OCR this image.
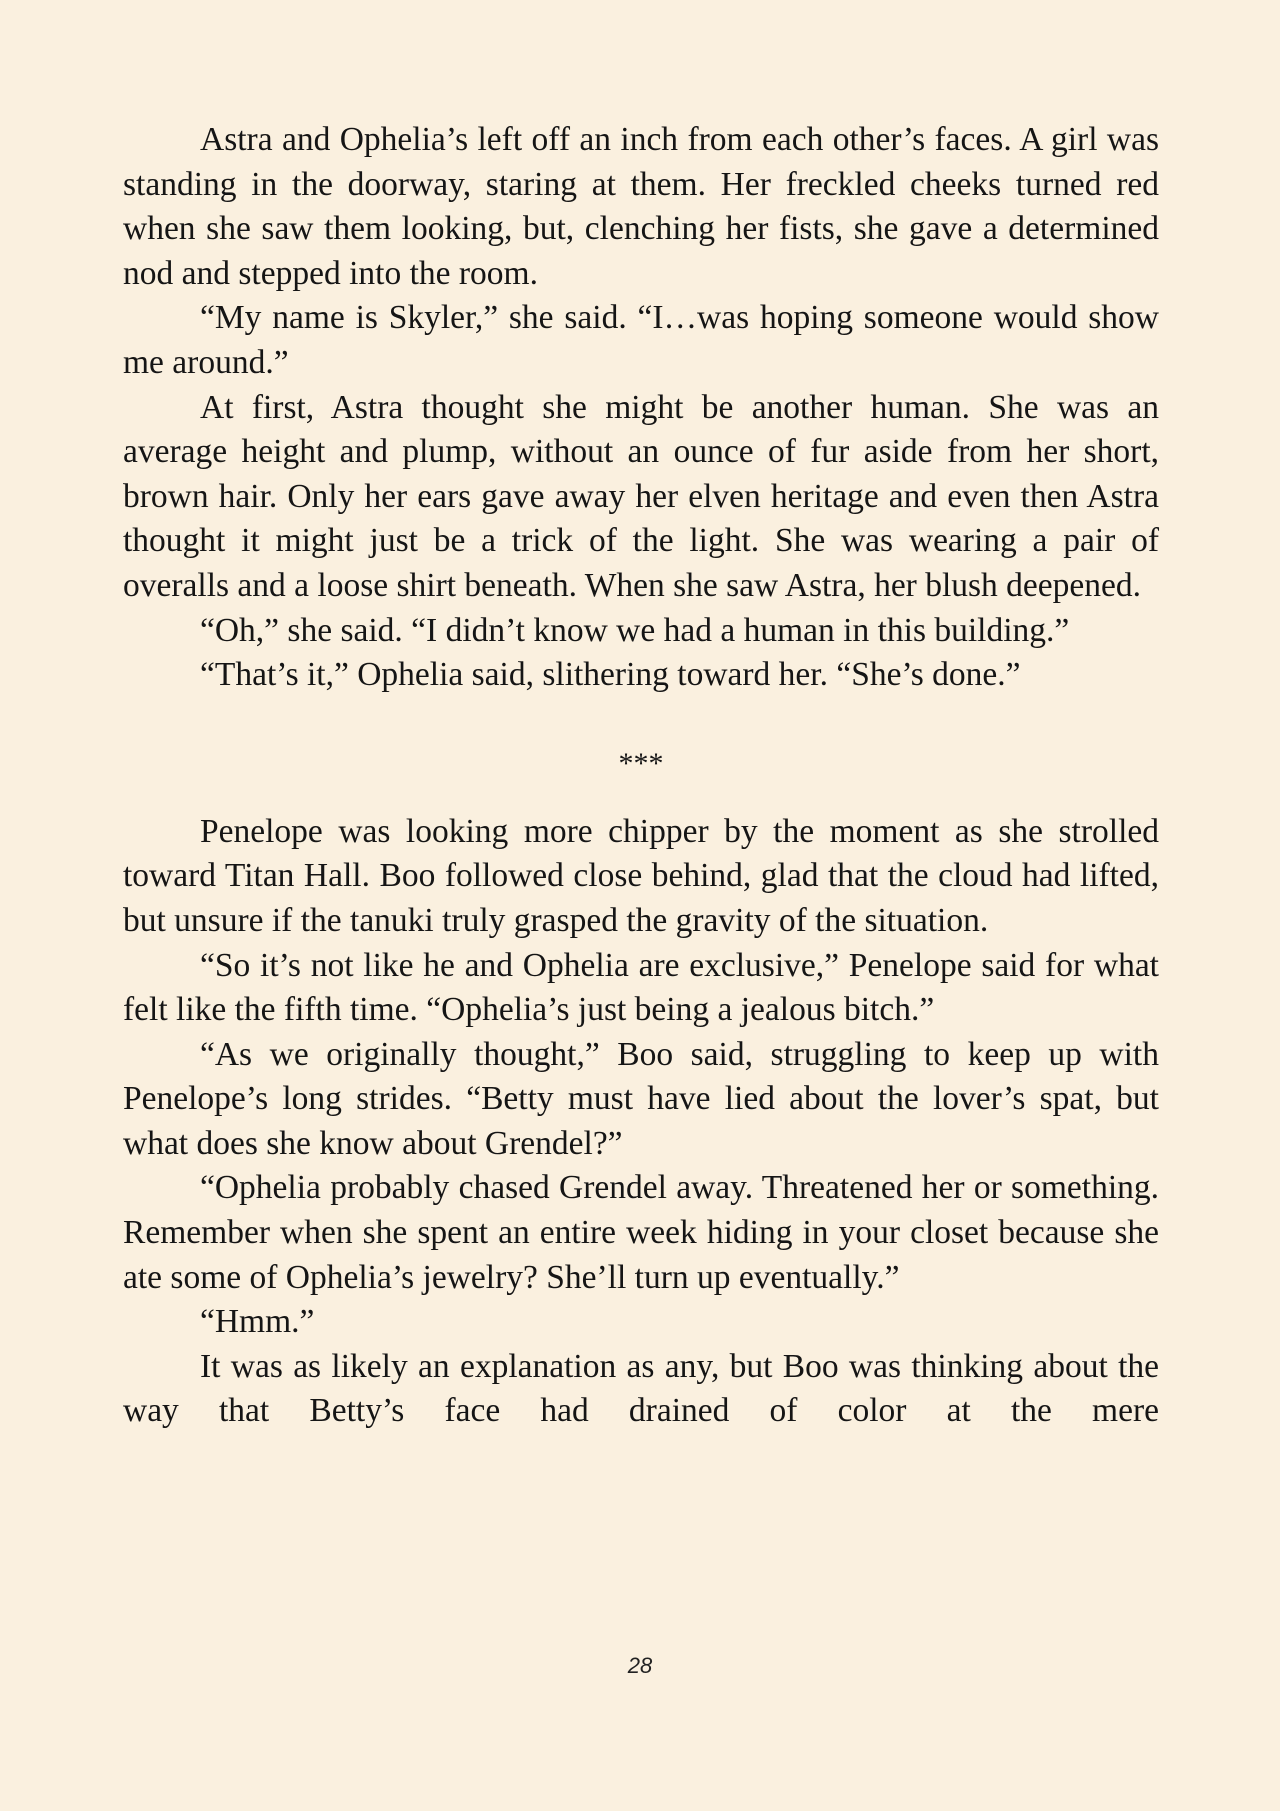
Astra and Ophelia’s left off an inch from each other’s faces. A girl was standing in the doorway, staring at them. Her freckled cheeks turned red when she saw them looking, but, clenching her fists, she gave a determined nod and stepped into the room.

“My name is Skyler,” she said. “I…was hoping someone would show me around.”

At first, Astra thought she might be another human. She was an average height and plump, without an ounce of fur aside from her short, brown hair. Only her ears gave away her elven heritage and even then Astra thought it might just be a trick of the light. She was wearing a pair of overalls and a loose shirt beneath. When she saw Astra, her blush deepened.

“Oh,” she said. “I didn’t know we had a human in this building.”

“That’s it,” Ophelia said, slithering toward her. “She’s done.”

***

Penelope was looking more chipper by the moment as she strolled toward Titan Hall. Boo followed close behind, glad that the cloud had lifted, but unsure if the tanuki truly grasped the gravity of the situation.

“So it’s not like he and Ophelia are exclusive,” Penelope said for what felt like the fifth time. “Ophelia’s just being a jealous bitch.”

“As we originally thought,” Boo said, struggling to keep up with Penelope’s long strides. “Betty must have lied about the lover’s spat, but what does she know about Grendel?”

“Ophelia probably chased Grendel away. Threatened her or something. Remember when she spent an entire week hiding in your closet because she ate some of Ophelia’s jewelry? She’ll turn up eventually.”

“Hmm.”

It was as likely an explanation as any, but Boo was thinking about the way that Betty’s face had drained of color at the mere

28
